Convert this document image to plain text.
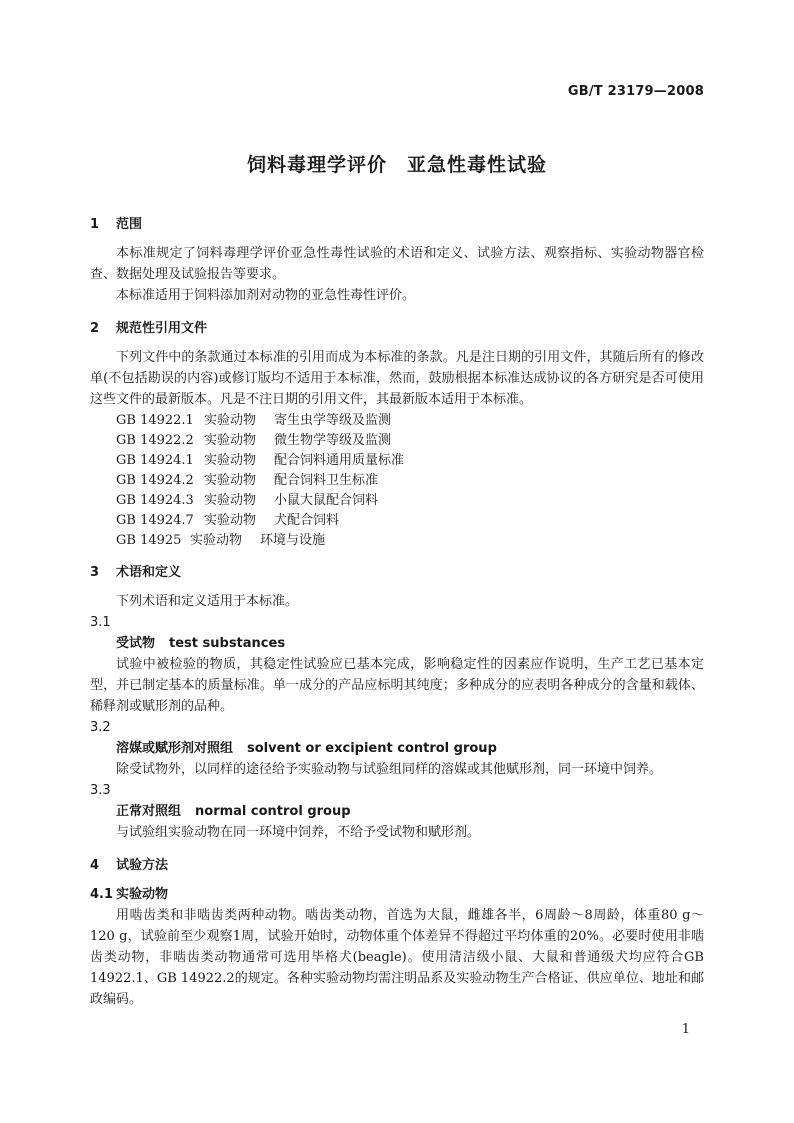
GB/T 23179—2008
饲料毒理学评价　亚急性毒性试验
1 范围

本标准规定了饲料毒理学评价亚急性毒性试验的术语和定义、试验方法、观察指标、实验动物器官检查、数据处理及试验报告等要求。

本标准适用于饲料添加剂对动物的亚急性毒性评价。

2 规范性引用文件

下列文件中的条款通过本标准的引用而成为本标准的条款。凡是注日期的引用文件，其随后所有的修改单(不包括勘误的内容)或修订版均不适用于本标准，然而，鼓励根据本标准达成协议的各方研究是否可使用这些文件的最新版本。凡是不注日期的引用文件，其最新版本适用于本标准。

GB 14922.1 实验动物 寄生虫学等级及监测
GB 14922.2 实验动物 微生物学等级及监测
GB 14924.1 实验动物 配合饲料通用质量标准
GB 14924.2 实验动物 配合饲料卫生标准
GB 14924.3 实验动物 小鼠大鼠配合饲料
GB 14924.7 实验动物 犬配合饲料
GB 14925 实验动物 环境与设施
3 术语和定义

下列术语和定义适用于本标准。

3.1
受试物 test substances

试验中被检验的物质，其稳定性试验应已基本完成，影响稳定性的因素应作说明，生产工艺已基本定型，并已制定基本的质量标准。单一成分的产品应标明其纯度；多种成分的应表明各种成分的含量和载体、稀释剂或赋形剂的品种。

3.2
溶媒或赋形剂对照组 solvent or excipient control group

除受试物外，以同样的途径给予实验动物与试验组同样的溶媒或其他赋形剂，同一环境中饲养。

3.3
正常对照组 normal control group

与试验组实验动物在同一环境中饲养，不给予受试物和赋形剂。

4 试验方法
4.1 实验动物

用啮齿类和非啮齿类两种动物。啮齿类动物，首选为大鼠，雌雄各半，6周龄～8周龄，体重80 g～120 g，试验前至少观察1周，试验开始时，动物体重个体差异不得超过平均体重的20%。必要时使用非啮齿类动物，非啮齿类动物通常可选用毕格犬(beagle)。使用清洁级小鼠、大鼠和普通级犬均应符合GB 14922.1、GB 14922.2的规定。各种实验动物均需注明品系及实验动物生产合格证、供应单位、地址和邮政编码。

1
